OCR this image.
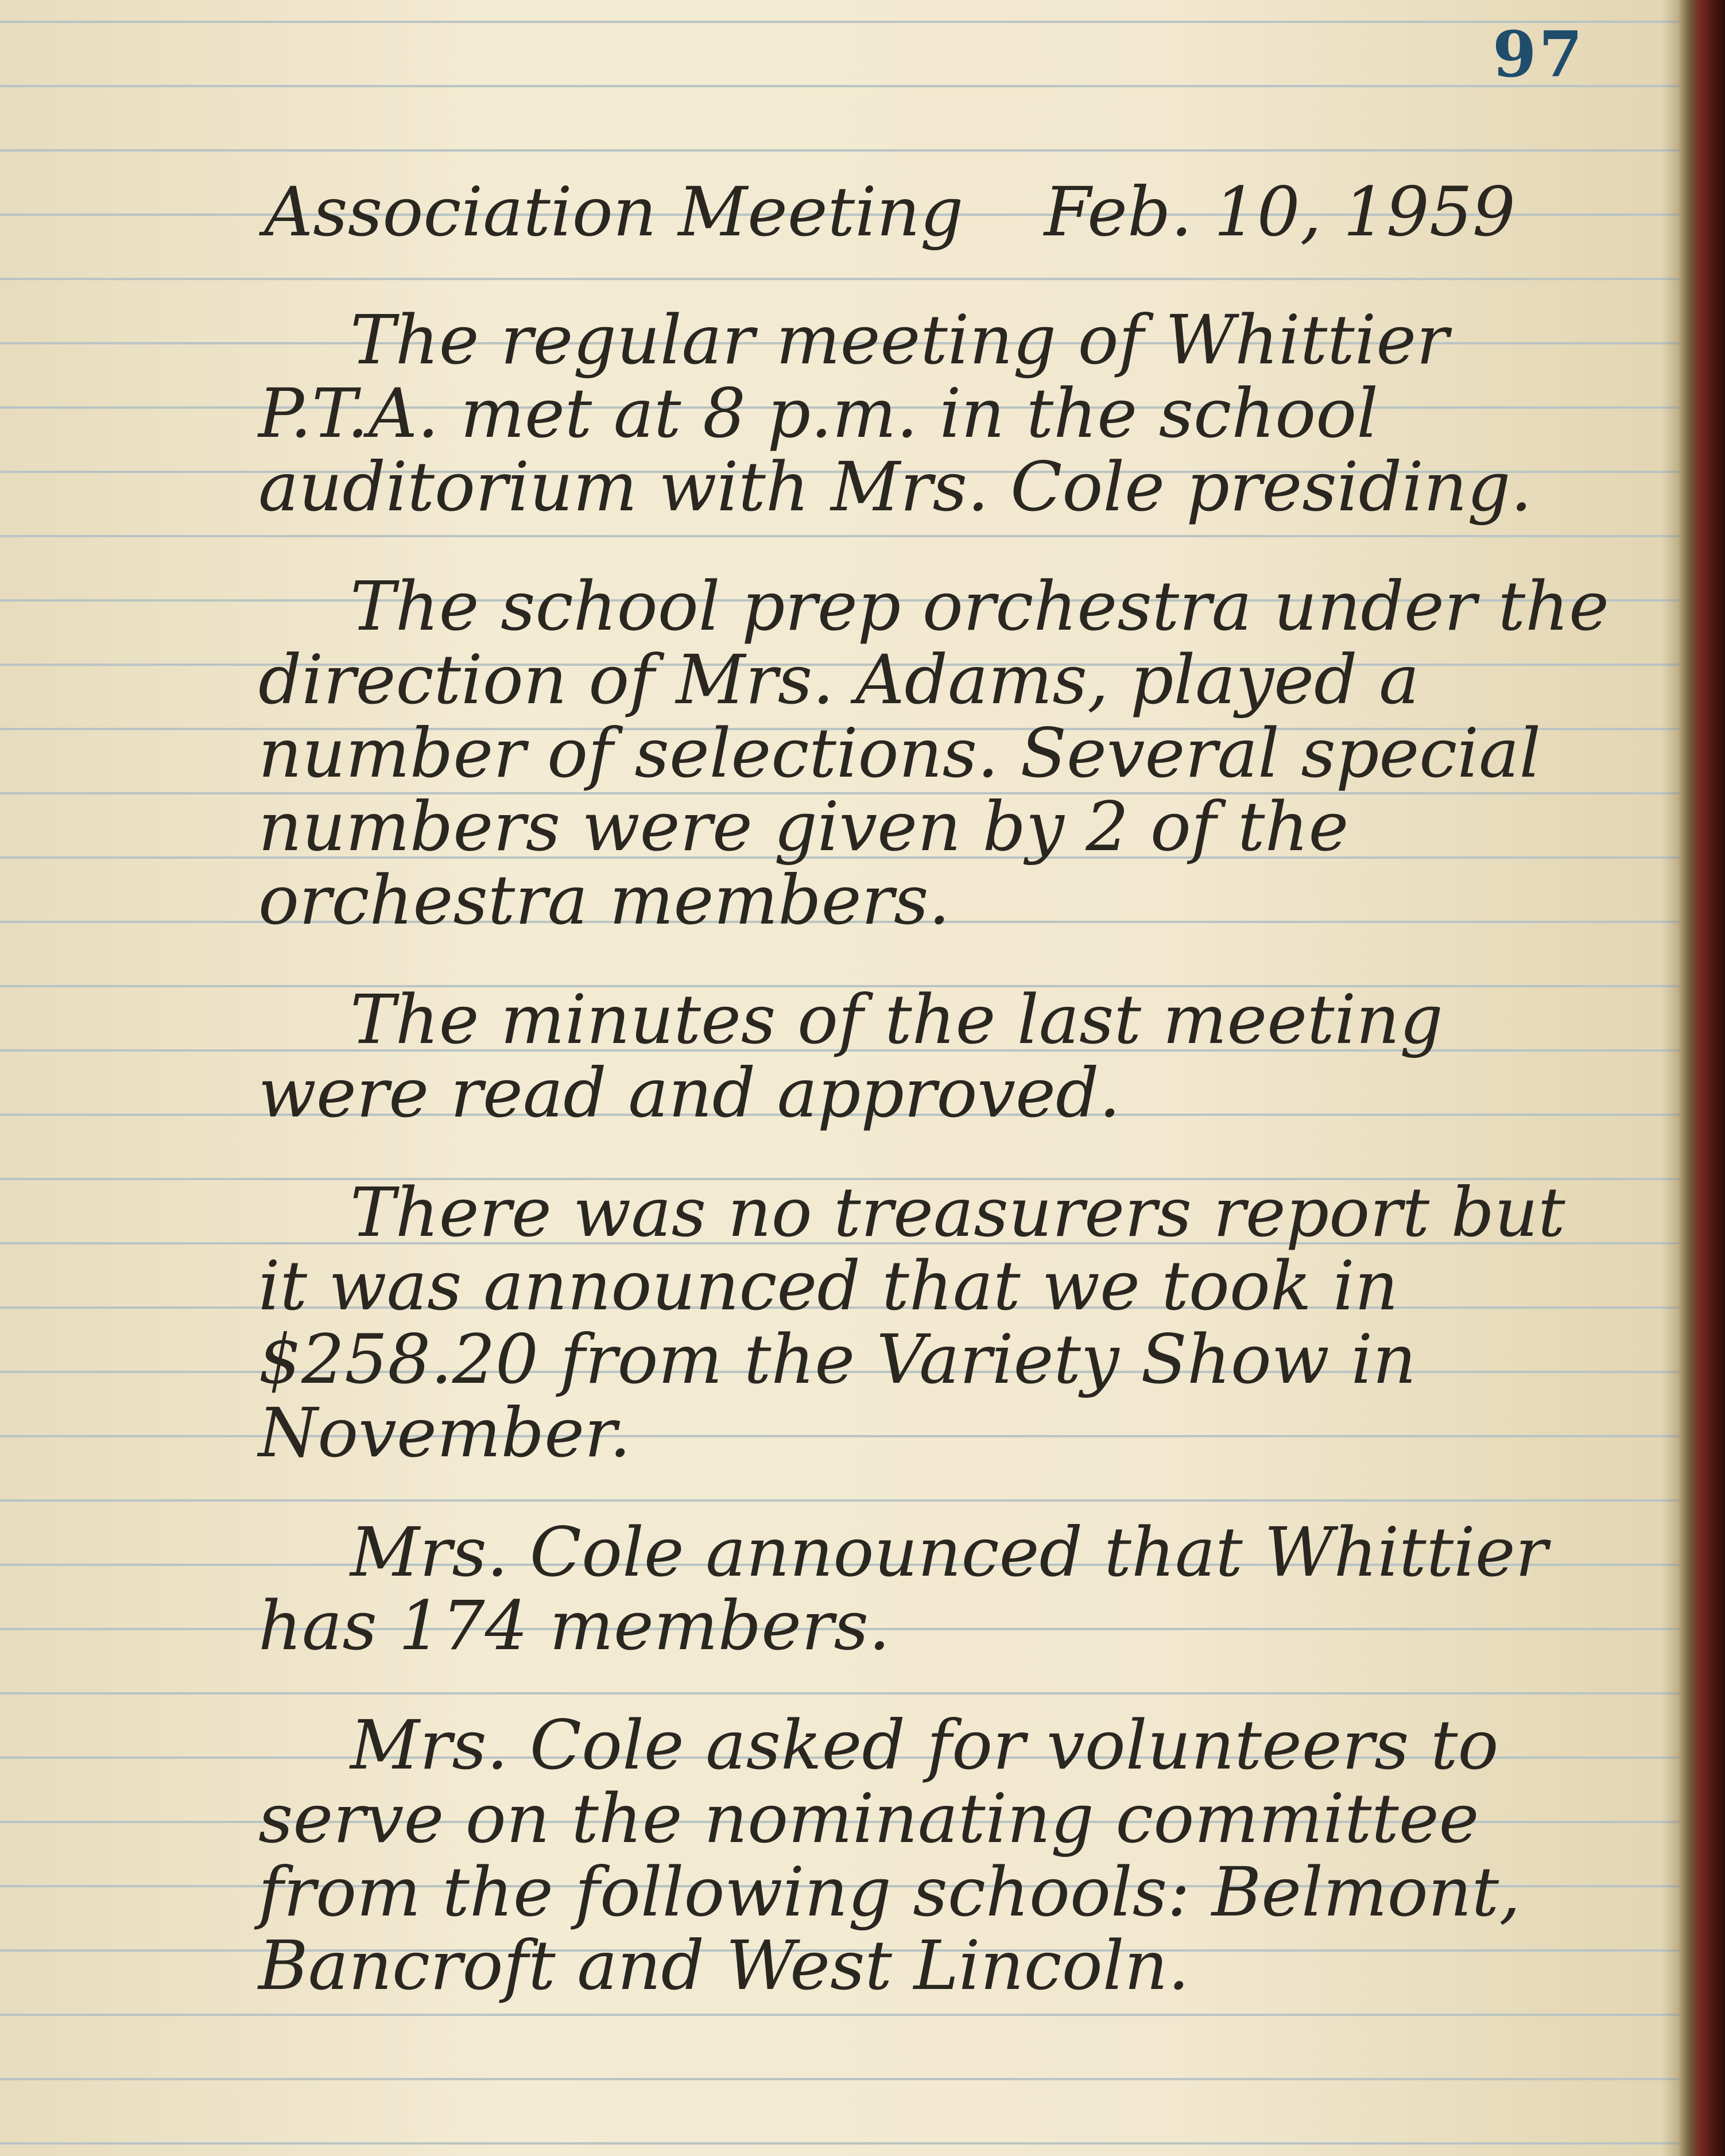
97
Association Meeting Feb. 10, 1959

The regular meeting of Whittier P.T.A. met at 8 p.m. in the school auditorium with Mrs. Cole presiding.

The school prep orchestra under the direction of Mrs. Adams, played a number of selections. Several special numbers were given by 2 of the orchestra members.

The minutes of the last meeting were read and approved.

There was no treasurers report but it was announced that we took in $258.20 from the Variety Show in November.

Mrs. Cole announced that Whittier has 174 members.

Mrs. Cole asked for volunteers to serve on the nominating committee from the following schools: Belmont, Bancroft and West Lincoln.
